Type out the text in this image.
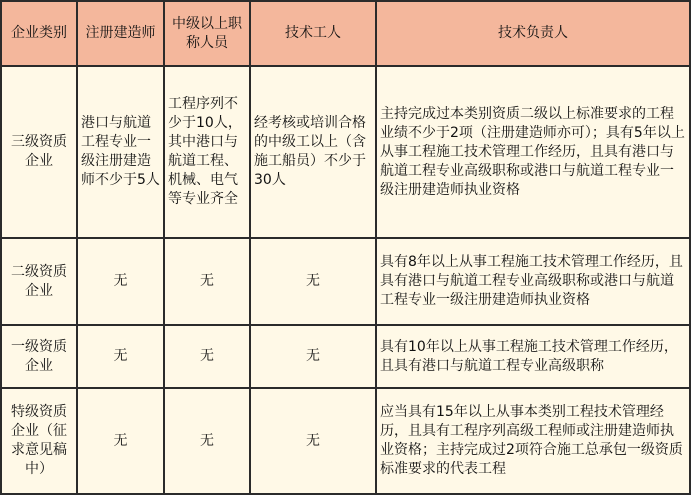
企业类别	注册建造师	中级以上职称人员	技术工人	技术负责人
三级资质企业	港口与航道工程专业一级注册建造师不少于5人	工程序列不少于10人，其中港口与航道工程、机械、电气等专业齐全	经考核或培训合格的中级工以上（含施工船员）不少于30人	主持完成过本类别资质二级以上标准要求的工程业绩不少于2项（注册建造师亦可）；具有5年以上从事工程施工技术管理工作经历，且具有港口与航道工程专业高级职称或港口与航道工程专业一级注册建造师执业资格
二级资质企业	无	无	无	具有8年以上从事工程施工技术管理工作经历，且具有港口与航道工程专业高级职称或港口与航道工程专业一级注册建造师执业资格
一级资质企业	无	无	无	具有10年以上从事工程施工技术管理工作经历，且具有港口与航道工程专业高级职称
特级资质企业（征求意见稿中）	无	无	无	应当具有15年以上从事本类别工程技术管理经历，且具有工程序列高级工程师或注册建造师执业资格；主持完成过2项符合施工总承包一级资质标准要求的代表工程
